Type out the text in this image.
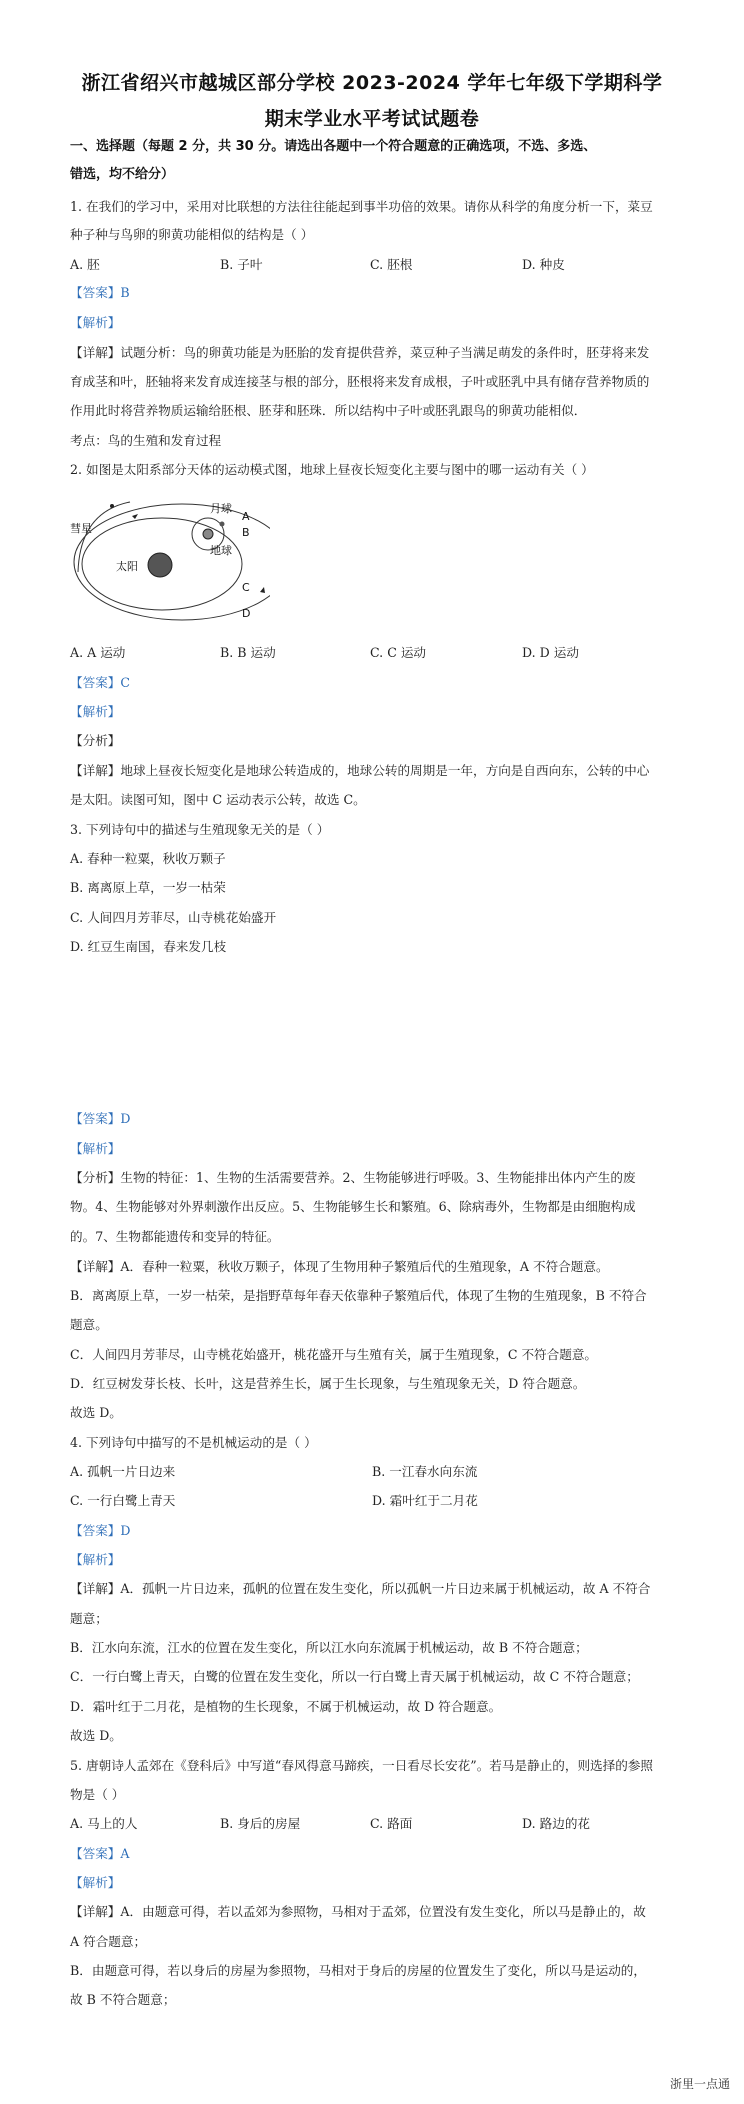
浙江省绍兴市越城区部分学校 2023-2024 学年七年级下学期科学
期末学业水平考试试题卷
一、选择题（每题 2 分，共 30 分。请选出各题中一个符合题意的正确选项，不选、多选、
错选，均不给分）
1. 在我们的学习中，采用对比联想的方法往往能起到事半功倍的效果。请你从科学的角度分析一下，菜豆
种子种与鸟卵的卵黄功能相似的结构是（ ）
A. 胚	B. 子叶	C. 胚根	D. 种皮
【答案】B
【解析】
【详解】试题分析：鸟的卵黄功能是为胚胎的发育提供营养，菜豆种子当满足萌发的条件时，胚芽将来发
育成茎和叶，胚轴将来发育成连接茎与根的部分，胚根将来发育成根，子叶或胚乳中具有储存营养物质的
作用此时将营养物质运输给胚根、胚芽和胚珠．所以结构中子叶或胚乳跟鸟的卵黄功能相似．
考点：鸟的生殖和发育过程
2. 如图是太阳系部分天体的运动模式图，地球上昼夜长短变化主要与图中的哪一运动有关（ ）
彗星
月球
地球
太阳
A
B
C
D
A. A 运动	B. B 运动	C. C 运动	D. D 运动
【答案】C
【解析】
【分析】
【详解】地球上昼夜长短变化是地球公转造成的，地球公转的周期是一年，方向是自西向东，公转的中心
是太阳。读图可知，图中 C 运动表示公转，故选 C。
3. 下列诗句中的描述与生殖现象无关的是（ ）
A. 春种一粒粟，秋收万颗子
B. 离离原上草，一岁一枯荣
C. 人间四月芳菲尽，山寺桃花始盛开
D. 红豆生南国，春来发几枝
【答案】D
【解析】
【分析】生物的特征：1、生物的生活需要营养。2、生物能够进行呼吸。3、生物能排出体内产生的废
物。4、生物能够对外界刺激作出反应。5、生物能够生长和繁殖。6、除病毒外，生物都是由细胞构成
的。7、生物都能遗传和变异的特征。
【详解】A．春种一粒粟，秋收万颗子，体现了生物用种子繁殖后代的生殖现象，A 不符合题意。
B．离离原上草，一岁一枯荣，是指野草每年春天依靠种子繁殖后代，体现了生物的生殖现象，B 不符合
题意。
C．人间四月芳菲尽，山寺桃花始盛开，桃花盛开与生殖有关，属于生殖现象，C 不符合题意。
D．红豆树发芽长枝、长叶，这是营养生长，属于生长现象，与生殖现象无关，D 符合题意。
故选 D。
4. 下列诗句中描写的不是机械运动的是（ ）
A. 孤帆一片日边来	B. 一江春水向东流
C. 一行白鹭上青天	D. 霜叶红于二月花
【答案】D
【解析】
【详解】A．孤帆一片日边来，孤帆的位置在发生变化，所以孤帆一片日边来属于机械运动，故 A 不符合
题意；
B．江水向东流，江水的位置在发生变化，所以江水向东流属于机械运动，故 B 不符合题意；
C．一行白鹭上青天，白鹭的位置在发生变化，所以一行白鹭上青天属于机械运动，故 C 不符合题意；
D．霜叶红于二月花，是植物的生长现象，不属于机械运动，故 D 符合题意。
故选 D。
5. 唐朝诗人孟郊在《登科后》中写道“春风得意马蹄疾，一日看尽长安花”。若马是静止的，则选择的参照
物是（ ）
A. 马上的人	B. 身后的房屋	C. 路面	D. 路边的花
【答案】A
【解析】
【详解】A．由题意可得，若以孟郊为参照物，马相对于孟郊，位置没有发生变化，所以马是静止的，故
A 符合题意；
B．由题意可得，若以身后的房屋为参照物，马相对于身后的房屋的位置发生了变化，所以马是运动的，
故 B 不符合题意；
浙里一点通
